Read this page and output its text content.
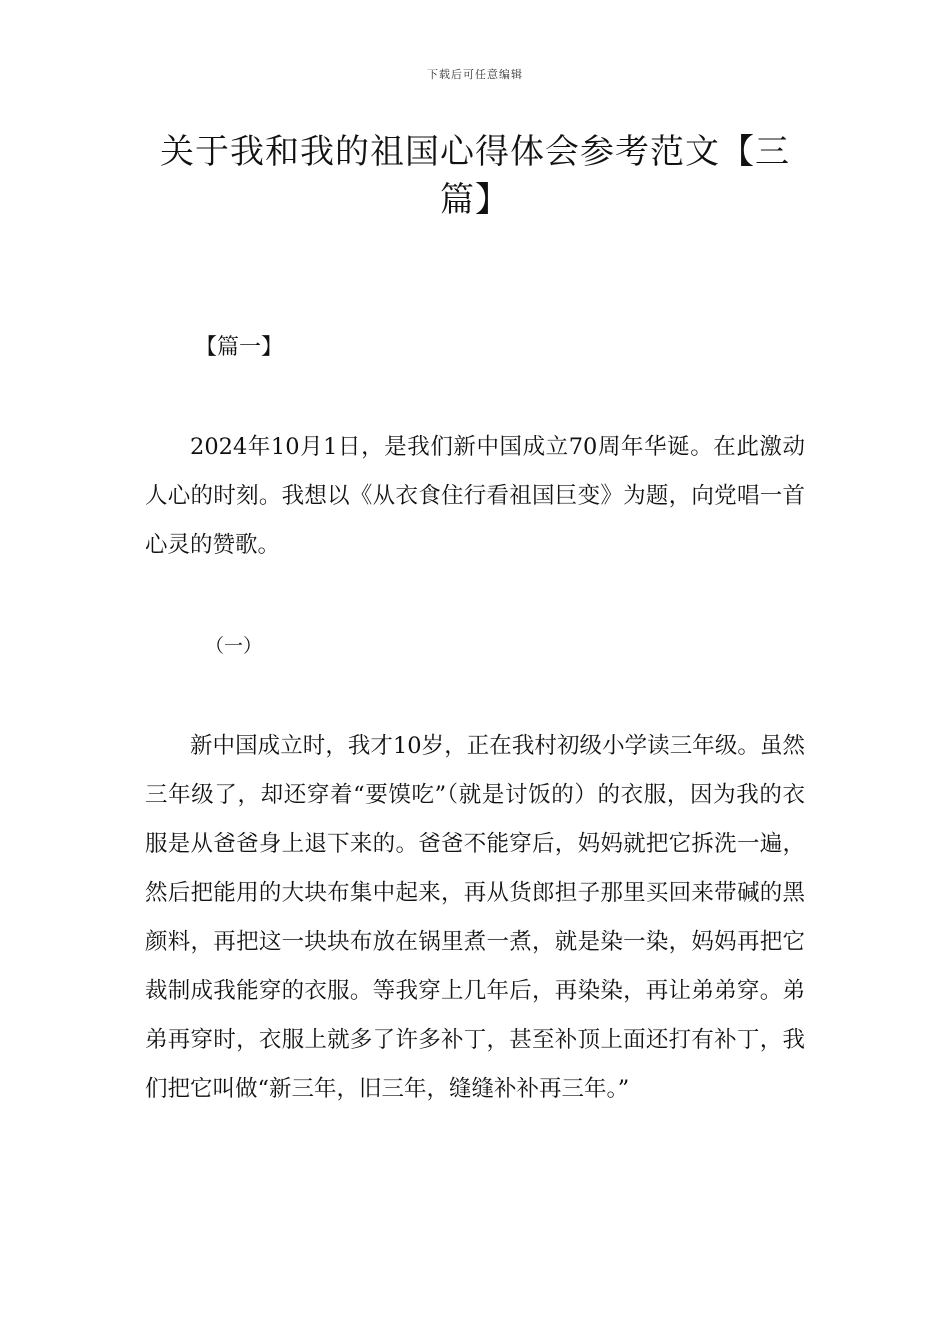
下载后可任意编辑
关于我和我的祖国心得体会参考范文【三篇】
【篇一】

2024年10月1日，是我们新中国成立70周年华诞。在此激动人心的时刻。我想以《从衣食住行看祖国巨变》为题，向党唱一首心灵的赞歌。

（一）

新中国成立时，我才10岁，正在我村初级小学读三年级。虽然三年级了，却还穿着“要馍吃”（就是讨饭的）的衣服，因为我的衣服是从爸爸身上退下来的。爸爸不能穿后，妈妈就把它拆洗一遍，然后把能用的大块布集中起来，再从货郎担子那里买回来带碱的黑颜料，再把这一块块布放在锅里煮一煮，就是染一染，妈妈再把它裁制成我能穿的衣服。等我穿上几年后，再染染，再让弟弟穿。弟弟再穿时，衣服上就多了许多补丁，甚至补顶上面还打有补丁，我们把它叫做“新三年，旧三年，缝缝补补再三年。”
